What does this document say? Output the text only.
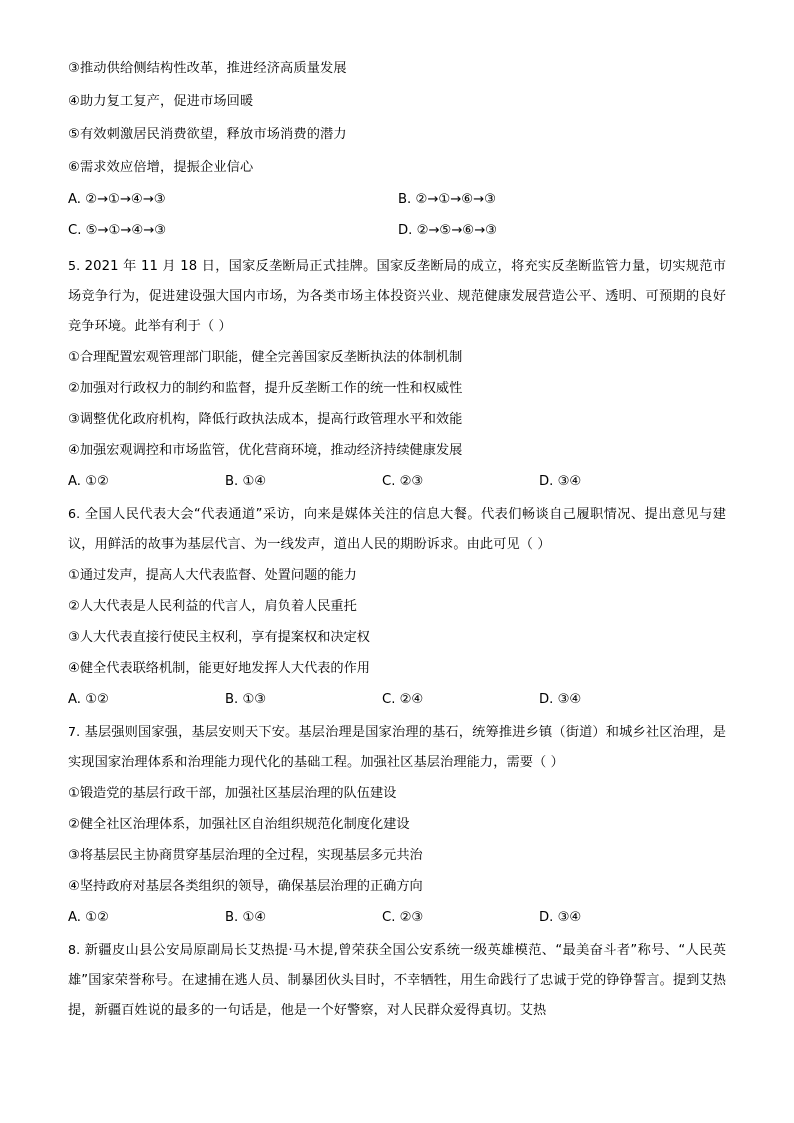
③推动供给侧结构性改革，推进经济高质量发展
④助力复工复产，促进市场回暖
⑤有效刺激居民消费欲望，释放市场消费的潜力
⑥需求效应倍增，提振企业信心
A. ②→①→④→③	B. ②→①→⑥→③
C. ⑤→①→④→③	D. ②→⑤→⑥→③
5. 2021 年 11 月 18 日，国家反垄断局正式挂牌。国家反垄断局的成立，将充实反垄断监管力量，切实规范市场竞争行为，促进建设强大国内市场，为各类市场主体投资兴业、规范健康发展营造公平、透明、可预期的良好竞争环境。此举有利于（ ）
①合理配置宏观管理部门职能，健全完善国家反垄断执法的体制机制
②加强对行政权力的制约和监督，提升反垄断工作的统一性和权威性
③调整优化政府机构，降低行政执法成本，提高行政管理水平和效能
④加强宏观调控和市场监管，优化营商环境，推动经济持续健康发展
A. ①②	B. ①④	C. ②③	D. ③④
6. 全国人民代表大会“代表通道”采访，向来是媒体关注的信息大餐。代表们畅谈自己履职情况、提出意见与建议，用鲜活的故事为基层代言、为一线发声，道出人民的期盼诉求。由此可见（ ）
①通过发声，提高人大代表监督、处置问题的能力
②人大代表是人民利益的代言人，肩负着人民重托
③人大代表直接行使民主权利，享有提案权和决定权
④健全代表联络机制，能更好地发挥人大代表的作用
A. ①②	B. ①③	C. ②④	D. ③④
7. 基层强则国家强，基层安则天下安。基层治理是国家治理的基石，统筹推进乡镇（街道）和城乡社区治理，是实现国家治理体系和治理能力现代化的基础工程。加强社区基层治理能力，需要（ ）
①锻造党的基层行政干部，加强社区基层治理的队伍建设
②健全社区治理体系，加强社区自治组织规范化制度化建设
③将基层民主协商贯穿基层治理的全过程，实现基层多元共治
④坚持政府对基层各类组织的领导，确保基层治理的正确方向
A. ①②	B. ①④	C. ②③	D. ③④
8. 新疆皮山县公安局原副局长艾热提·马木提,曾荣获全国公安系统一级英雄模范、“最美奋斗者”称号、“人民英雄”国家荣誉称号。在逮捕在逃人员、制暴团伙头目时，不幸牺牲，用生命践行了忠诚于党的铮铮誓言。提到艾热提，新疆百姓说的最多的一句话是，他是一个好警察，对人民群众爱得真切。艾热
